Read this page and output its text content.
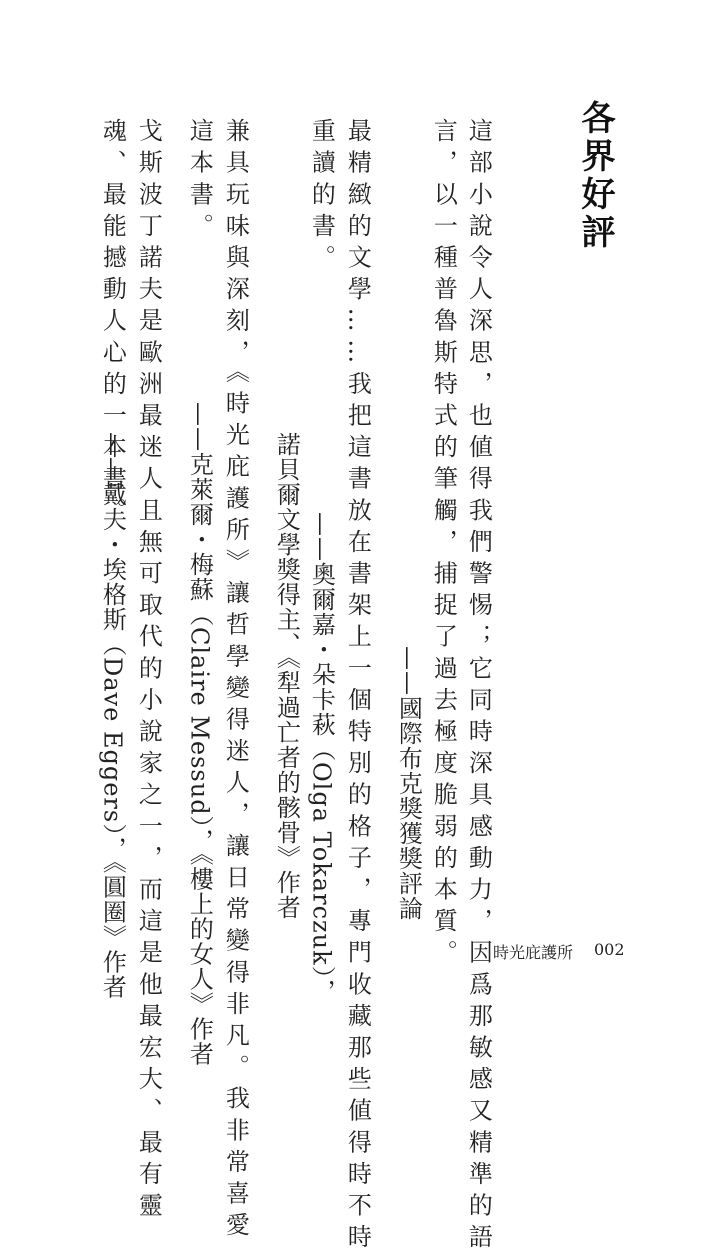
各界好評
這部小說令人深思，也値得我們警惕；它同時深具感動力，因爲那敏感又精準的語
言，以一種普魯斯特式的筆觸，捕捉了過去極度脆弱的本質。
——國際布克獎獲獎評論
最精緻的文學……我把這書放在書架上一個特別的格子，專門收藏那些値得時不時
重讀的書。
——奧爾嘉・朵卡萩（Olga Tokarczuk），
諾貝爾文學獎得主、《犁過亡者的骸骨》作者
兼具玩味與深刻，《時光庇護所》讓哲學變得迷人，讓日常變得非凡。我非常喜愛
這本書。
——克萊爾・梅蘇（Claire Messud），《樓上的女人》作者
戈斯波丁諾夫是歐洲最迷人且無可取代的小說家之一，而這是他最宏大、最有靈
魂、最能撼動人心的一本書。
——戴夫・埃格斯（Dave Eggers），《圓圈》作者	時光庇護所 002
